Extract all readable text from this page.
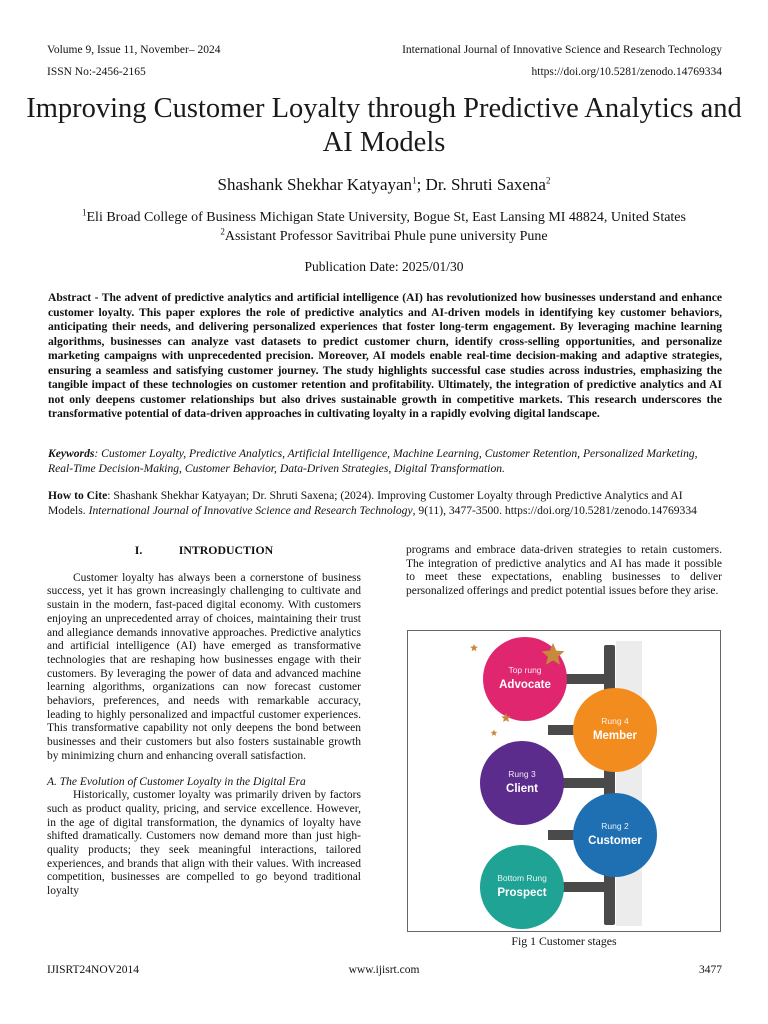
Volume 9, Issue 11, November– 2024
ISSN No:-2456-2165
International Journal of Innovative Science and Research Technology
https://doi.org/10.5281/zenodo.14769334
Improving Customer Loyalty through Predictive Analytics and AI Models
Shashank Shekhar Katyayan$^1$; Dr. Shruti Saxena$^2$
$^1$Eli Broad College of Business Michigan State University, Bogue St, East Lansing MI 48824, United States
$^2$Assistant Professor Savitribai Phule pune university Pune
Publication Date: 2025/01/30

Abstract - The advent of predictive analytics and artificial intelligence (AI) has revolutionized how businesses understand and enhance customer loyalty. This paper explores the role of predictive analytics and AI-driven models in identifying key customer behaviors, anticipating their needs, and delivering personalized experiences that foster long-term engagement. By leveraging machine learning algorithms, businesses can analyze vast datasets to predict customer churn, identify cross-selling opportunities, and personalize marketing campaigns with unprecedented precision. Moreover, AI models enable real-time decision-making and adaptive strategies, ensuring a seamless and satisfying customer journey. The study highlights successful case studies across industries, emphasizing the tangible impact of these technologies on customer retention and profitability. Ultimately, the integration of predictive analytics and AI not only deepens customer relationships but also drives sustainable growth in competitive markets. This research underscores the transformative potential of data-driven approaches in cultivating loyalty in a rapidly evolving digital landscape.

Keywords: Customer Loyalty, Predictive Analytics, Artificial Intelligence, Machine Learning, Customer Retention, Personalized Marketing, Real-Time Decision-Making, Customer Behavior, Data-Driven Strategies, Digital Transformation.

How to Cite: Shashank Shekhar Katyayan; Dr. Shruti Saxena; (2024). Improving Customer Loyalty through Predictive Analytics and AI Models. International Journal of Innovative Science and Research Technology, 9(11), 3477-3500. https://doi.org/10.5281/zenodo.14769334

I.	INTRODUCTION

Customer loyalty has always been a cornerstone of business success, yet it has grown increasingly challenging to cultivate and sustain in the modern, fast-paced digital economy. With customers enjoying an unprecedented array of choices, maintaining their trust and allegiance demands innovative approaches. Predictive analytics and artificial intelligence (AI) have emerged as transformative technologies that are reshaping how businesses engage with their customers. By leveraging the power of data and advanced machine learning algorithms, organizations can now forecast customer behaviors, preferences, and needs with remarkable accuracy, leading to highly personalized and impactful customer experiences. This transformative capability not only deepens the bond between businesses and their customers but also fosters sustainable growth by minimizing churn and enhancing overall satisfaction.

A. The Evolution of Customer Loyalty in the Digital Era

Historically, customer loyalty was primarily driven by factors such as product quality, pricing, and service excellence. However, in the age of digital transformation, the dynamics of loyalty have shifted dramatically. Customers now demand more than just high-quality products; they seek meaningful interactions, tailored experiences, and brands that align with their values. With increased competition, businesses are compelled to go beyond traditional loyalty

programs and embrace data-driven strategies to retain customers. The integration of predictive analytics and AI has made it possible to meet these expectations, enabling businesses to deliver personalized offerings and predict potential issues before they arise.

Top rung
Advocate
Rung 4
Member
Rung 3
Client
Rung 2
Customer
Bottom Rung
Prospect
Fig 1 Customer stages
IJISRT24NOV2014	www.ijisrt.com	3477
